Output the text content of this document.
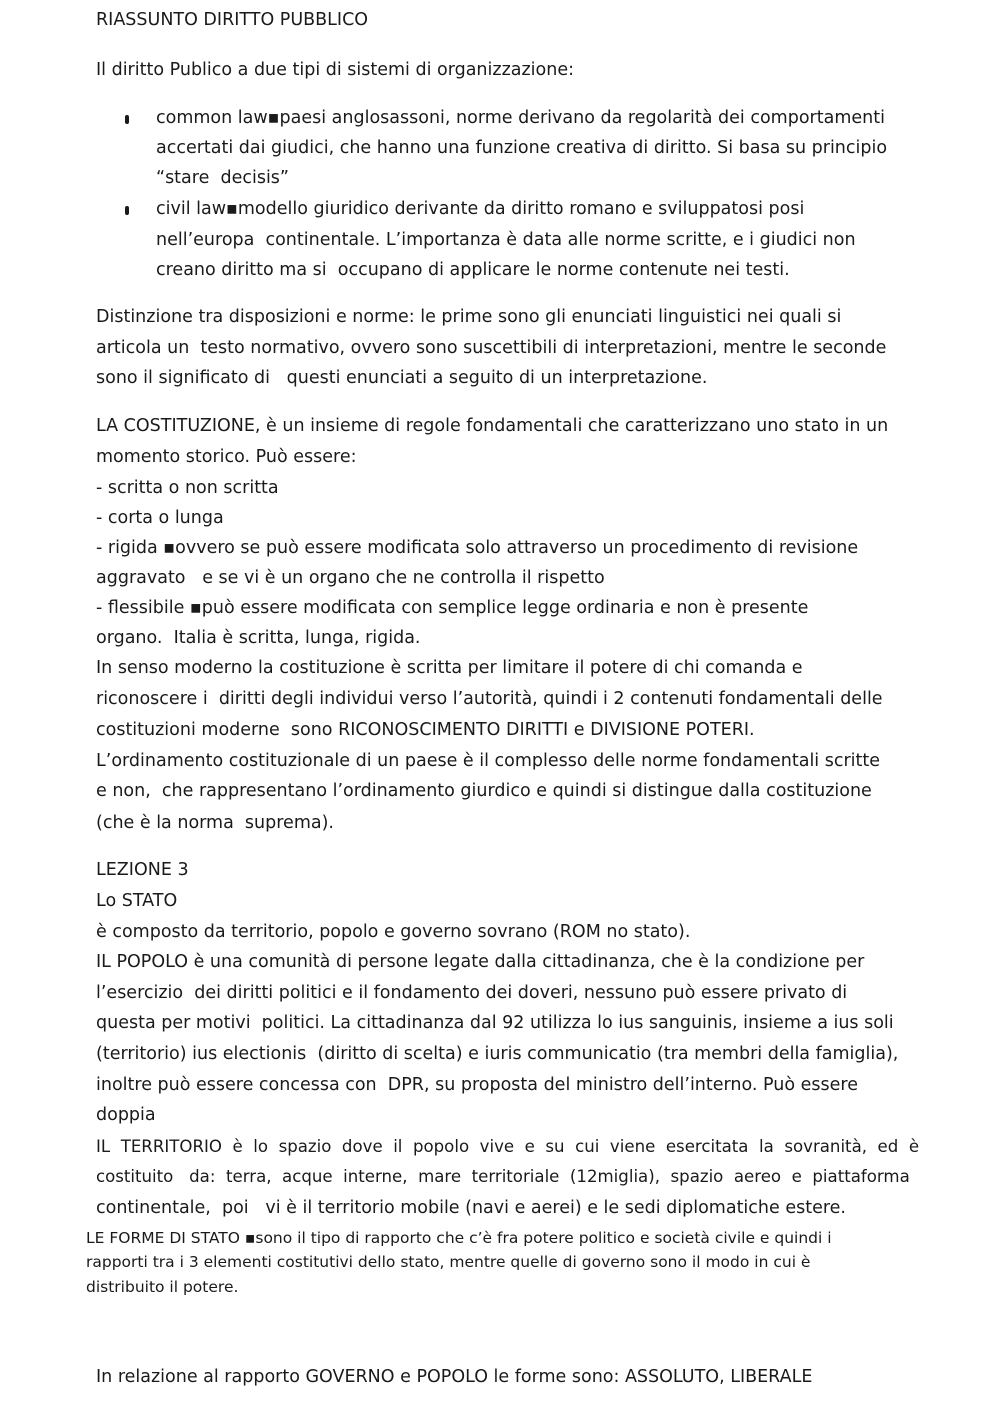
RIASSUNTO DIRITTO PUBBLICO
Il diritto Publico a due tipi di sistemi di organizzazione:
common law▪paesi anglosassoni, norme derivano da regolarità dei comportamenti
accertati dai giudici, che hanno una funzione creativa di diritto. Si basa su principio
“stare  decisis”
civil law▪modello giuridico derivante da diritto romano e sviluppatosi posi
nell’europa  continentale. L’importanza è data alle norme scritte, e i giudici non
creano diritto ma si  occupano di applicare le norme contenute nei testi.
Distinzione tra disposizioni e norme: le prime sono gli enunciati linguistici nei quali si
articola un  testo normativo, ovvero sono suscettibili di interpretazioni, mentre le seconde
sono il significato di   questi enunciati a seguito di un interpretazione.
LA COSTITUZIONE, è un insieme di regole fondamentali che caratterizzano uno stato in un
momento storico. Può essere:
- scritta o non scritta
- corta o lunga
- rigida ▪ovvero se può essere modificata solo attraverso un procedimento di revisione
aggravato   e se vi è un organo che ne controlla il rispetto
- flessibile ▪può essere modificata con semplice legge ordinaria e non è presente
organo.  Italia è scritta, lunga, rigida.
In senso moderno la costituzione è scritta per limitare il potere di chi comanda e
riconoscere i  diritti degli individui verso l’autorità, quindi i 2 contenuti fondamentali delle
costituzioni moderne  sono RICONOSCIMENTO DIRITTI e DIVISIONE POTERI.
L’ordinamento costituzionale di un paese è il complesso delle norme fondamentali scritte
e non,  che rappresentano l’ordinamento giurdico e quindi si distingue dalla costituzione
(che è la norma  suprema).
LEZIONE 3
Lo STATO
è composto da territorio, popolo e governo sovrano (ROM no stato).
IL POPOLO è una comunità di persone legate dalla cittadinanza, che è la condizione per
l’esercizio  dei diritti politici e il fondamento dei doveri, nessuno può essere privato di
questa per motivi  politici. La cittadinanza dal 92 utilizza lo ius sanguinis, insieme a ius soli
(territorio) ius electionis  (diritto di scelta) e iuris communicatio (tra membri della famiglia),
inoltre può essere concessa con  DPR, su proposta del ministro dell’interno. Può essere
doppia
IL  TERRITORIO  è  lo  spazio  dove  il  popolo  vive  e  su  cui  viene  esercitata  la  sovranità,  ed  è
costituito   da:  terra,  acque  interne,  mare  territoriale  (12miglia),  spazio  aereo  e  piattaforma
continentale,  poi   vi è il territorio mobile (navi e aerei) e le sedi diplomatiche estere.
LE FORME DI STATO ▪sono il tipo di rapporto che c’è fra potere politico e società civile e quindi i
rapporti tra i 3 elementi costitutivi dello stato, mentre quelle di governo sono il modo in cui è
distribuito il potere.
In relazione al rapporto GOVERNO e POPOLO le forme sono: ASSOLUTO, LIBERALE
